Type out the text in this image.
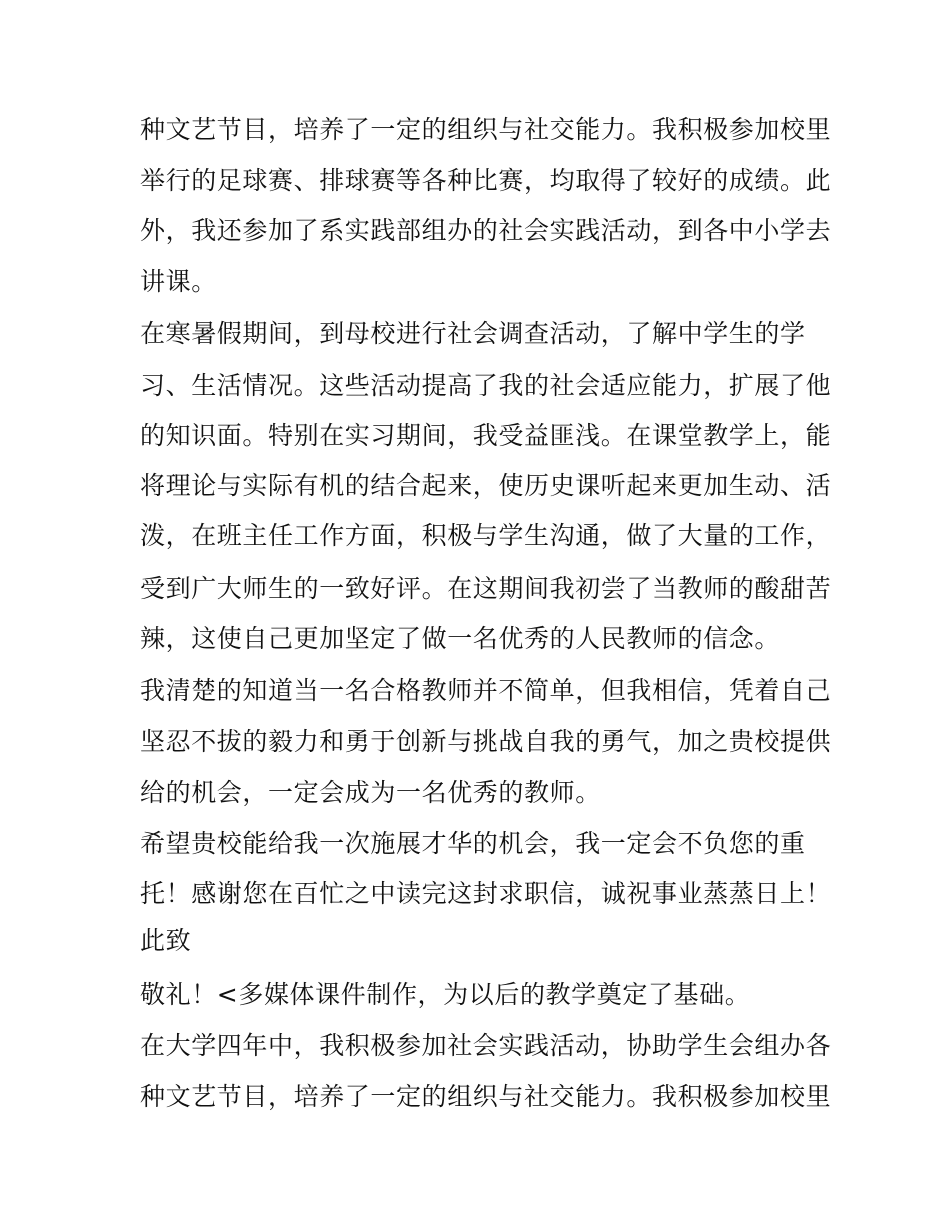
种文艺节目，培养了一定的组织与社交能力。我积极参加校里
举行的足球赛、排球赛等各种比赛，均取得了较好的成绩。此
外，我还参加了系实践部组办的社会实践活动，到各中小学去
讲课。
在寒暑假期间，到母校进行社会调查活动，了解中学生的学
习、生活情况。这些活动提高了我的社会适应能力，扩展了他
的知识面。特别在实习期间，我受益匪浅。在课堂教学上，能
将理论与实际有机的结合起来，使历史课听起来更加生动、活
泼，在班主任工作方面，积极与学生沟通，做了大量的工作，
受到广大师生的一致好评。在这期间我初尝了当教师的酸甜苦
辣，这使自己更加坚定了做一名优秀的人民教师的信念。
我清楚的知道当一名合格教师并不简单，但我相信，凭着自己
坚忍不拔的毅力和勇于创新与挑战自我的勇气，加之贵校提供
给的机会，一定会成为一名优秀的教师。
希望贵校能给我一次施展才华的机会，我一定会不负您的重
托！感谢您在百忙之中读完这封求职信，诚祝事业蒸蒸日上！
此致
敬礼！<多媒体课件制作，为以后的教学奠定了基础。
在大学四年中，我积极参加社会实践活动，协助学生会组办各
种文艺节目，培养了一定的组织与社交能力。我积极参加校里
